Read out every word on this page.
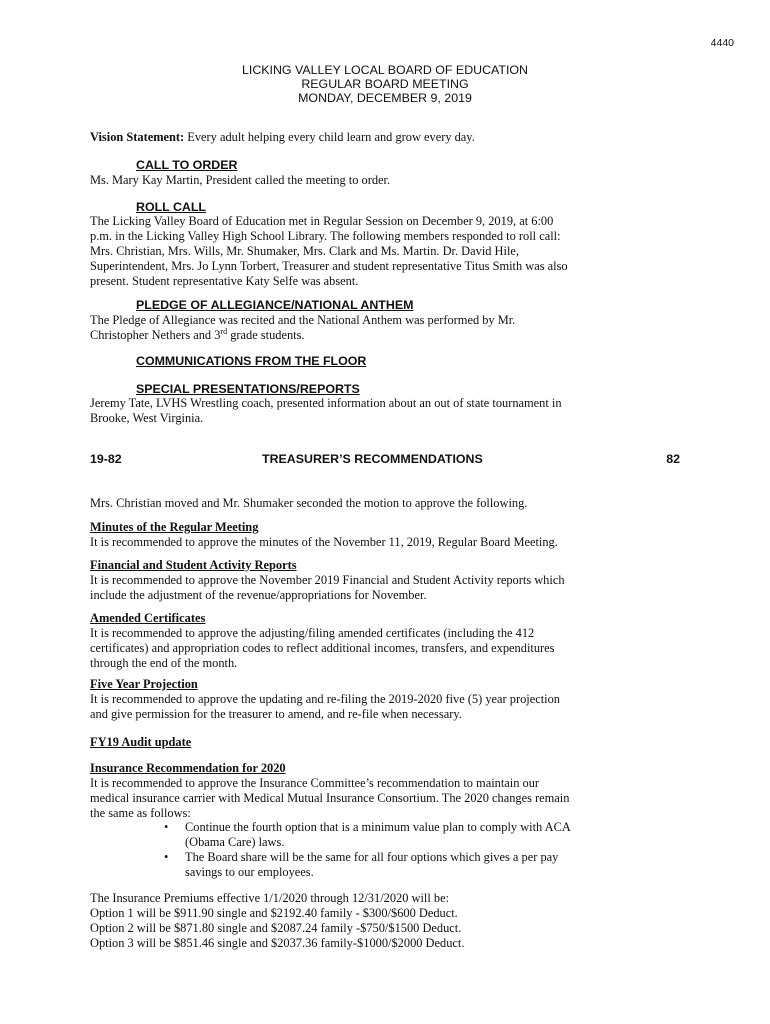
4440
LICKING VALLEY LOCAL BOARD OF EDUCATION
REGULAR BOARD MEETING
MONDAY, DECEMBER 9, 2019
Vision Statement: Every adult helping every child learn and grow every day.
CALL TO ORDER
Ms. Mary Kay Martin, President called the meeting to order.
ROLL CALL
The Licking Valley Board of Education met in Regular Session on December 9, 2019, at 6:00
p.m. in the Licking Valley High School Library. The following members responded to roll call:
Mrs. Christian, Mrs. Wills, Mr. Shumaker, Mrs. Clark and Ms. Martin. Dr. David Hile,
Superintendent, Mrs. Jo Lynn Torbert, Treasurer and student representative Titus Smith was also
present. Student representative Katy Selfe was absent.
PLEDGE OF ALLEGIANCE/NATIONAL ANTHEM
The Pledge of Allegiance was recited and the National Anthem was performed by Mr.
Christopher Nethers and 3rd grade students.
COMMUNICATIONS FROM THE FLOOR
SPECIAL PRESENTATIONS/REPORTS
Jeremy Tate, LVHS Wrestling coach, presented information about an out of state tournament in
Brooke, West Virginia.
19-82	TREASURER’S RECOMMENDATIONS	82
Mrs. Christian moved and Mr. Shumaker seconded the motion to approve the following.
Minutes of the Regular Meeting
It is recommended to approve the minutes of the November 11, 2019, Regular Board Meeting.
Financial and Student Activity Reports
It is recommended to approve the November 2019 Financial and Student Activity reports which
include the adjustment of the revenue/appropriations for November.
Amended Certificates
It is recommended to approve the adjusting/filing amended certificates (including the 412
certificates) and appropriation codes to reflect additional incomes, transfers, and expenditures
through the end of the month.
Five Year Projection
It is recommended to approve the updating and re-filing the 2019-2020 five (5) year projection
and give permission for the treasurer to amend, and re-file when necessary.
FY19 Audit update
Insurance Recommendation for 2020
It is recommended to approve the Insurance Committee’s recommendation to maintain our
medical insurance carrier with Medical Mutual Insurance Consortium. The 2020 changes remain
the same as follows:
• Continue the fourth option that is a minimum value plan to comply with ACA
(Obama Care) laws.
• The Board share will be the same for all four options which gives a per pay
savings to our employees.
The Insurance Premiums effective 1/1/2020 through 12/31/2020 will be:
Option 1 will be $911.90 single and $2192.40 family - $300/$600 Deduct.
Option 2 will be $871.80 single and $2087.24 family -$750/$1500 Deduct.
Option 3 will be $851.46 single and $2037.36 family-$1000/$2000 Deduct.
